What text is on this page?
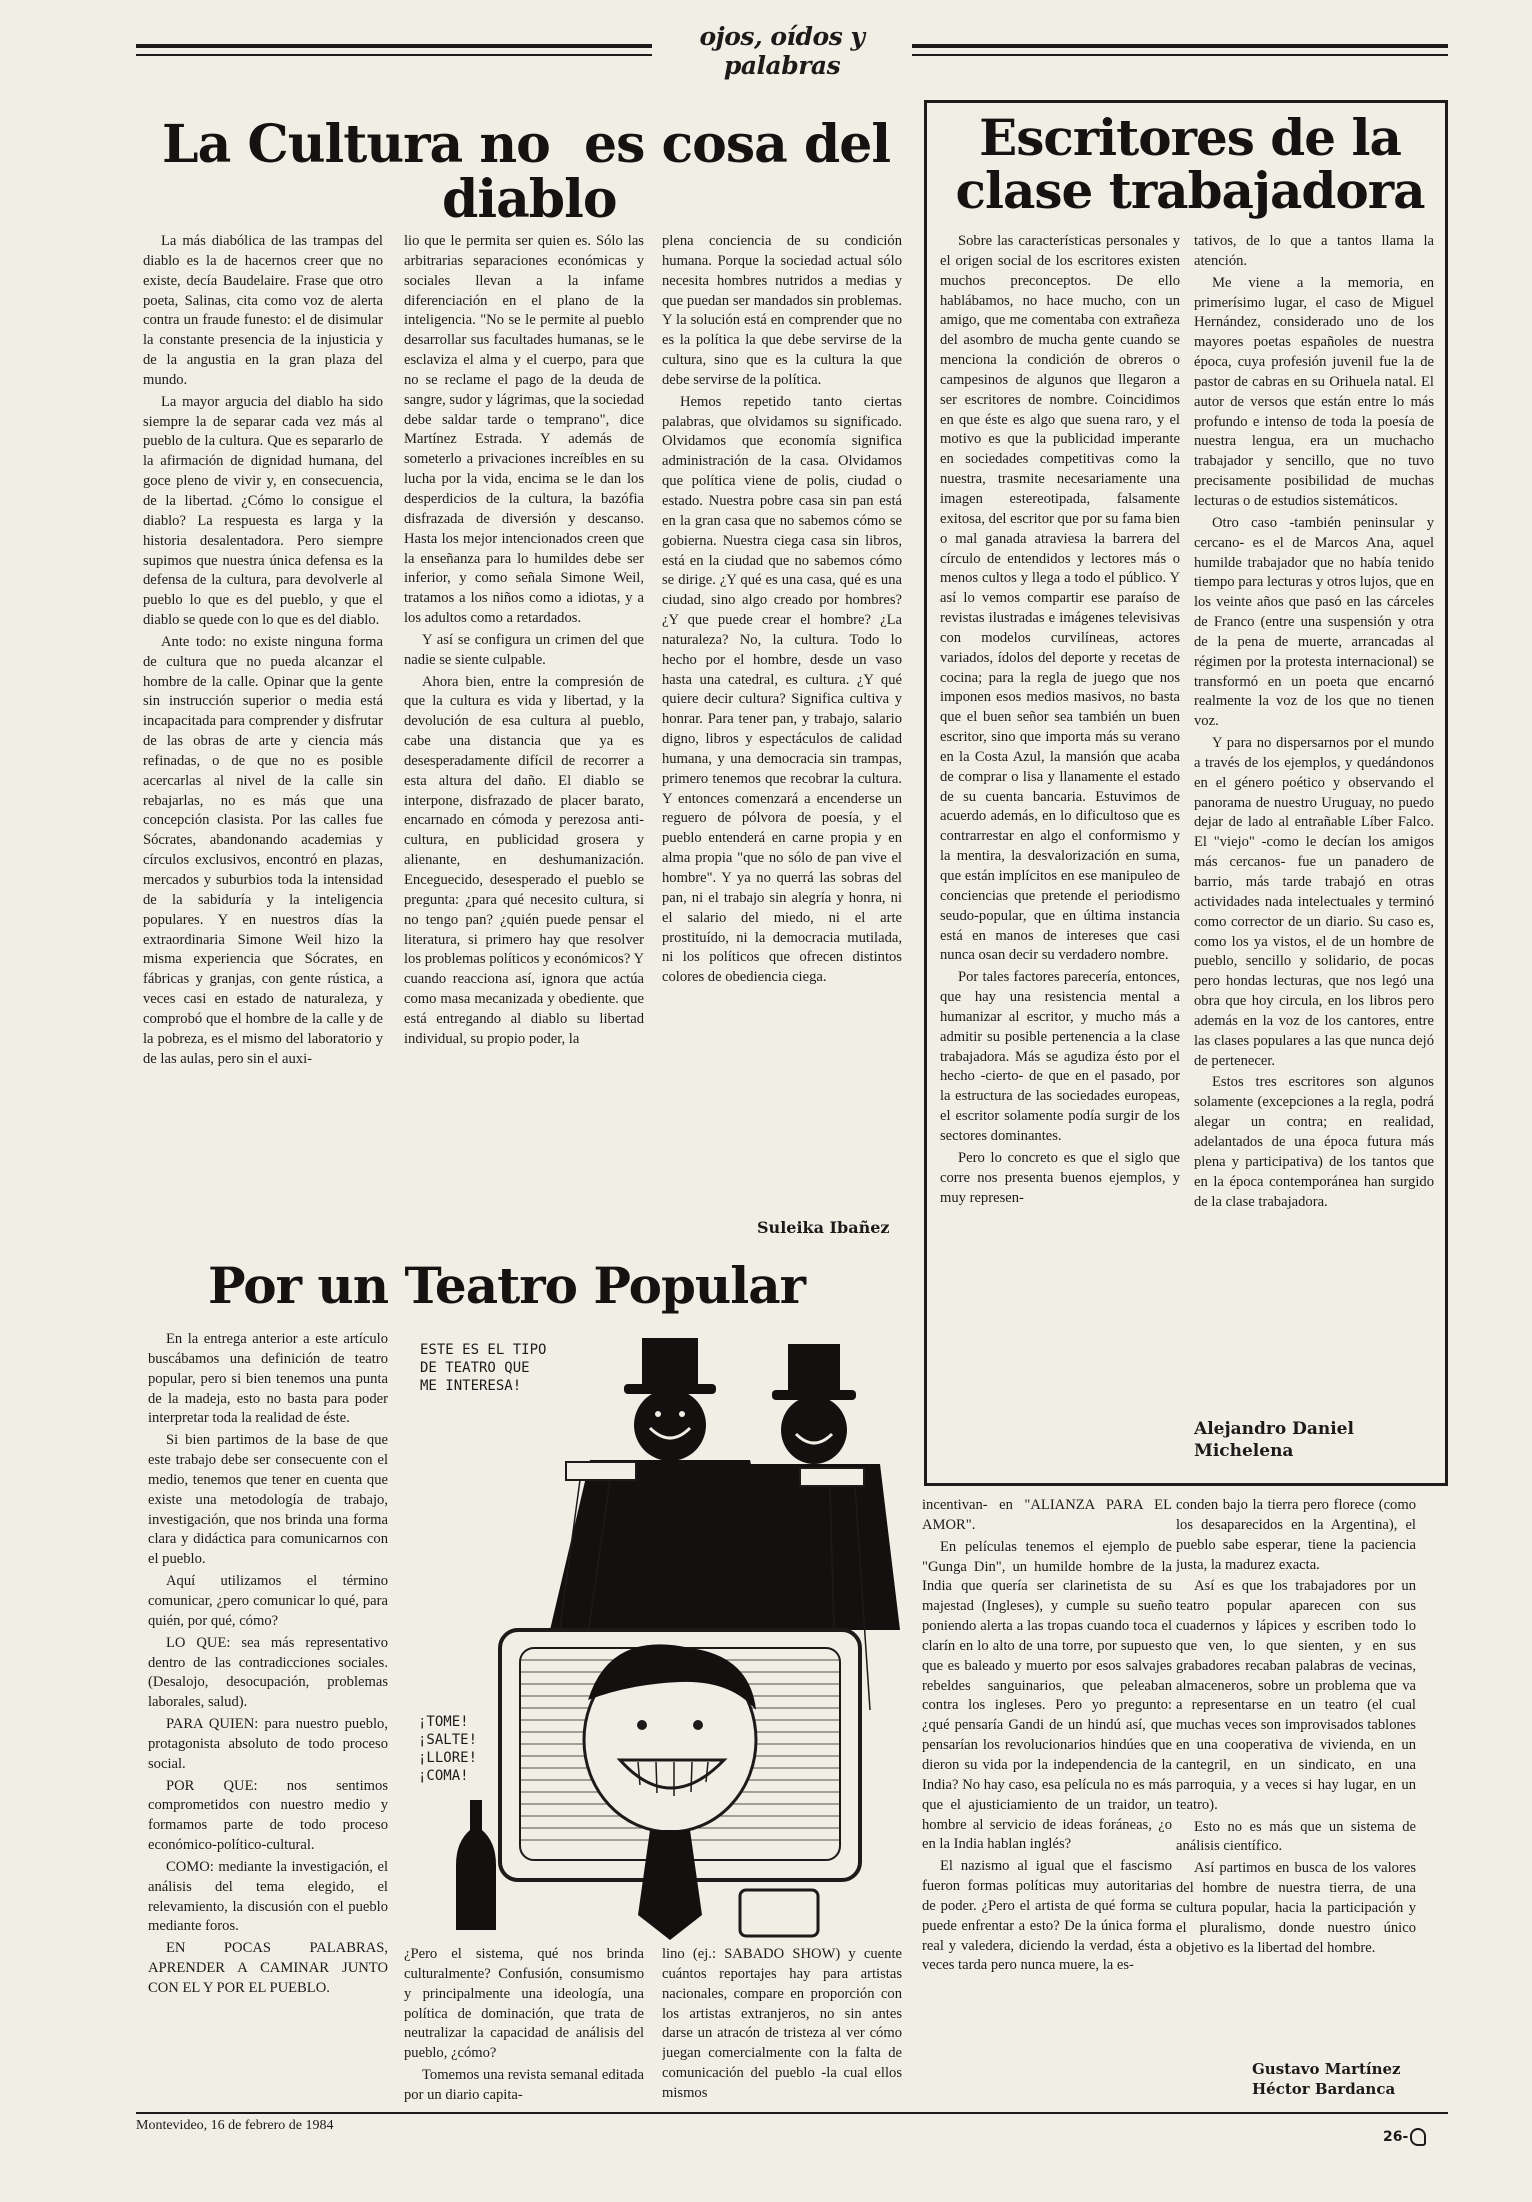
ojos, oídos y palabras
La Cultura no  es cosa del
diablo

La más diabólica de las trampas del diablo es la de hacernos creer que no existe, decía Baudelaire. Frase que otro poeta, Salinas, cita como voz de alerta contra un fraude funesto: el de disimular la constante presencia de la injusticia y de la angustia en la gran plaza del mundo.

La mayor argucia del diablo ha sido siempre la de separar cada vez más al pueblo de la cultura. Que es separarlo de la afirmación de dignidad humana, del goce pleno de vivir y, en consecuencia, de la libertad. ¿Cómo lo consigue el diablo? La respuesta es larga y la historia desalentadora. Pero siempre supimos que nuestra única defensa es la defensa de la cultura, para devolverle al pueblo lo que es del pueblo, y que el diablo se quede con lo que es del diablo.

Ante todo: no existe ninguna forma de cultura que no pueda alcanzar el hombre de la calle. Opinar que la gente sin instrucción superior o media está incapacitada para comprender y disfrutar de las obras de arte y ciencia más refinadas, o de que no es posible acercarlas al nivel de la calle sin rebajarlas, no es más que una concepción clasista. Por las calles fue Sócrates, abandonando academias y círculos exclusivos, encontró en plazas, mercados y suburbios toda la intensidad de la sabiduría y la inteligencia populares. Y en nuestros días la extraordinaria Simone Weil hizo la misma experiencia que Sócrates, en fábricas y granjas, con gente rústica, a veces casi en estado de naturaleza, y comprobó que el hombre de la calle y de la pobreza, es el mismo del laboratorio y de las aulas, pero sin el auxi-

lio que le permita ser quien es. Sólo las arbitrarias separaciones económicas y sociales llevan a la infame diferenciación en el plano de la inteligencia. "No se le permite al pueblo desarrollar sus facultades humanas, se le esclaviza el alma y el cuerpo, para que no se reclame el pago de la deuda de sangre, sudor y lágrimas, que la sociedad debe saldar tarde o temprano", dice Martínez Estrada. Y además de someterlo a privaciones increíbles en su lucha por la vida, encima se le dan los desperdicios de la cultura, la bazófia disfrazada de diversión y descanso. Hasta los mejor intencionados creen que la enseñanza para lo humildes debe ser inferior, y como señala Simone Weil, tratamos a los niños como a idiotas, y a los adultos como a retardados.

Y así se configura un crimen del que nadie se siente culpable.

Ahora bien, entre la compresión de que la cultura es vida y libertad, y la devolución de esa cultura al pueblo, cabe una distancia que ya es desesperadamente difícil de recorrer a esta altura del daño. El diablo se interpone, disfrazado de placer barato, encarnado en cómoda y perezosa anti-cultura, en publicidad grosera y alienante, en deshumanización. Enceguecido, desesperado el pueblo se pregunta: ¿para qué necesito cultura, si no tengo pan? ¿quién puede pensar el literatura, si primero hay que resolver los problemas políticos y económicos? Y cuando reacciona así, ignora que actúa como masa mecanizada y obediente. que está entregando al diablo su libertad individual, su propio poder, la

plena conciencia de su condición humana. Porque la sociedad actual sólo necesita hombres nutridos a medias y que puedan ser mandados sin problemas. Y la solución está en comprender que no es la política la que debe servirse de la cultura, sino que es la cultura la que debe servirse de la política.

Hemos repetido tanto ciertas palabras, que olvidamos su significado. Olvidamos que economía significa administración de la casa. Olvidamos que política viene de polis, ciudad o estado. Nuestra pobre casa sin pan está en la gran casa que no sabemos cómo se gobierna. Nuestra ciega casa sin libros, está en la ciudad que no sabemos cómo se dirige. ¿Y qué es una casa, qué es una ciudad, sino algo creado por hombres? ¿Y que puede crear el hombre? ¿La naturaleza? No, la cultura. Todo lo hecho por el hombre, desde un vaso hasta una catedral, es cultura. ¿Y qué quiere decir cultura? Significa cultiva y honrar. Para tener pan, y trabajo, salario digno, libros y espectáculos de calidad humana, y una democracia sin trampas, primero tenemos que recobrar la cultura. Y entonces comenzará a encenderse un reguero de pólvora de poesía, y el pueblo entenderá en carne propia y en alma propia "que no sólo de pan vive el hombre". Y ya no querrá las sobras del pan, ni el trabajo sin alegría y honra, ni el salario del miedo, ni el arte prostituído, ni la democracia mutilada, ni los políticos que ofrecen distintos colores de obediencia ciega.

Suleika Ibañez
Escritores de la
clase trabajadora

Sobre las características personales y el origen social de los escritores existen muchos preconceptos. De ello hablábamos, no hace mucho, con un amigo, que me comentaba con extrañeza del asombro de mucha gente cuando se menciona la condición de obreros o campesinos de algunos que llegaron a ser escritores de nombre. Coincidimos en que éste es algo que suena raro, y el motivo es que la publicidad imperante en sociedades competitivas como la nuestra, trasmite necesariamente una imagen estereotipada, falsamente exitosa, del escritor que por su fama bien o mal ganada atraviesa la barrera del círculo de entendidos y lectores más o menos cultos y llega a todo el público. Y así lo vemos compartir ese paraíso de revistas ilustradas e imágenes televisivas con modelos curvilíneas, actores variados, ídolos del deporte y recetas de cocina; para la regla de juego que nos imponen esos medios masivos, no basta que el buen señor sea también un buen escritor, sino que importa más su verano en la Costa Azul, la mansión que acaba de comprar o lisa y llanamente el estado de su cuenta bancaria. Estuvimos de acuerdo además, en lo dificultoso que es contrarrestar en algo el conformismo y la mentira, la desvalorización en suma, que están implícitos en ese manipuleo de conciencias que pretende el periodismo seudo-popular, que en última instancia está en manos de intereses que casi nunca osan decir su verdadero nombre.

Por tales factores parecería, entonces, que hay una resistencia mental a humanizar al escritor, y mucho más a admitir su posible pertenencia a la clase trabajadora. Más se agudiza ésto por el hecho -cierto- de que en el pasado, por la estructura de las sociedades europeas, el escritor solamente podía surgir de los sectores dominantes.

Pero lo concreto es que el siglo que corre nos presenta buenos ejemplos, y muy represen-

tativos, de lo que a tantos llama la atención.

Me viene a la memoria, en primerísimo lugar, el caso de Miguel Hernández, considerado uno de los mayores poetas españoles de nuestra época, cuya profesión juvenil fue la de pastor de cabras en su Orihuela natal. El autor de versos que están entre lo más profundo e intenso de toda la poesía de nuestra lengua, era un muchacho trabajador y sencillo, que no tuvo precisamente posibilidad de muchas lecturas o de estudios sistemáticos.

Otro caso -también peninsular y cercano- es el de Marcos Ana, aquel humilde trabajador que no había tenido tiempo para lecturas y otros lujos, que en los veinte años que pasó en las cárceles de Franco (entre una suspensión y otra de la pena de muerte, arrancadas al régimen por la protesta internacional) se transformó en un poeta que encarnó realmente la voz de los que no tienen voz.

Y para no dispersarnos por el mundo a través de los ejemplos, y quedándonos en el género poético y observando el panorama de nuestro Uruguay, no puedo dejar de lado al entrañable Líber Falco. El "viejo" -como le decían los amigos más cercanos- fue un panadero de barrio, más tarde trabajó en otras actividades nada intelectuales y terminó como corrector de un diario. Su caso es, como los ya vistos, el de un hombre de pueblo, sencillo y solidario, de pocas pero hondas lecturas, que nos legó una obra que hoy circula, en los libros pero además en la voz de los cantores, entre las clases populares a las que nunca dejó de pertenecer.

Estos tres escritores son algunos solamente (excepciones a la regla, podrá alegar un contra; en realidad, adelantados de una época futura más plena y participativa) de los tantos que en la época contemporánea han surgido de la clase trabajadora.

Alejandro Daniel
Michelena
Por un Teatro Popular

En la entrega anterior a este artículo buscábamos una definición de teatro popular, pero si bien tenemos una punta de la madeja, esto no basta para poder interpretar toda la realidad de éste.

Si bien partimos de la base de que este trabajo debe ser consecuente con el medio, tenemos que tener en cuenta que existe una metodología de trabajo, investigación, que nos brinda una forma clara y didáctica para comunicarnos con el pueblo.

Aquí utilizamos el término comunicar, ¿pero comunicar lo qué, para quién, por qué, cómo?

LO QUE: sea más representativo dentro de las contradicciones sociales. (Desalojo, desocupación, problemas laborales, salud).

PARA QUIEN: para nuestro pueblo, protagonista absoluto de todo proceso social.

POR QUE: nos sentimos comprometidos con nuestro medio y formamos parte de todo proceso económico-político-cultural.

COMO: mediante la investigación, el análisis del tema elegido, el relevamiento, la discusión con el pueblo mediante foros.

EN POCAS PALABRAS, APRENDER A CAMINAR JUNTO CON EL Y POR EL PUEBLO.

ESTE ES EL TIPO
DE TEATRO QUE
ME INTERESA!
¡TOME!
¡SALTE!
¡LLORE!
¡COMA!

¿Pero el sistema, qué nos brinda culturalmente? Confusión, consumismo y principalmente una ideología, una política de dominación, que trata de neutralizar la capacidad de análisis del pueblo, ¿cómo?

Tomemos una revista semanal editada por un diario capita-

lino (ej.: SABADO SHOW) y cuente cuántos reportajes hay para artistas nacionales, compare en proporción con los artistas extranjeros, no sin antes darse un atracón de tristeza al ver cómo juegan comercialmente con la falta de comunicación del pueblo -la cual ellos mismos

incentivan- en "ALIANZA PARA EL AMOR".

En películas tenemos el ejemplo de "Gunga Din", un humilde hombre de la India que quería ser clarinetista de su majestad (Ingleses), y cumple su sueño poniendo alerta a las tropas cuando toca el clarín en lo alto de una torre, por supuesto que es baleado y muerto por esos salvajes rebeldes sanguinarios, que peleaban contra los ingleses. Pero yo pregunto: ¿qué pensaría Gandi de un hindú así, que pensarían los revolucionarios hindúes que dieron su vida por la independencia de la India? No hay caso, esa película no es más que el ajusticiamiento de un traidor, un hombre al servicio de ideas foráneas, ¿o en la India hablan inglés?

El nazismo al igual que el fascismo fueron formas políticas muy autoritarias de poder. ¿Pero el artista de qué forma se puede enfrentar a esto? De la única forma real y valedera, diciendo la verdad, ésta a veces tarda pero nunca muere, la es-

conden bajo la tierra pero florece (como los desaparecidos en la Argentina), el pueblo sabe esperar, tiene la paciencia justa, la madurez exacta.

Así es que los trabajadores por un teatro popular aparecen con sus cuadernos y lápices y escriben todo lo que ven, lo que sienten, y en sus grabadores recaban palabras de vecinas, almaceneros, sobre un problema que va a representarse en un teatro (el cual muchas veces son improvisados tablones en una cooperativa de vivienda, en un cantegril, en un sindicato, en una parroquia, y a veces si hay lugar, en un teatro).

Esto no es más que un sistema de análisis científico.

Así partimos en busca de los valores del hombre de nuestra tierra, de una cultura popular, hacia la participación y el pluralismo, donde nuestro único objetivo es la libertad del hombre.

Gustavo Martínez
Héctor Bardanca
Montevideo, 16 de febrero de 1984
26-
